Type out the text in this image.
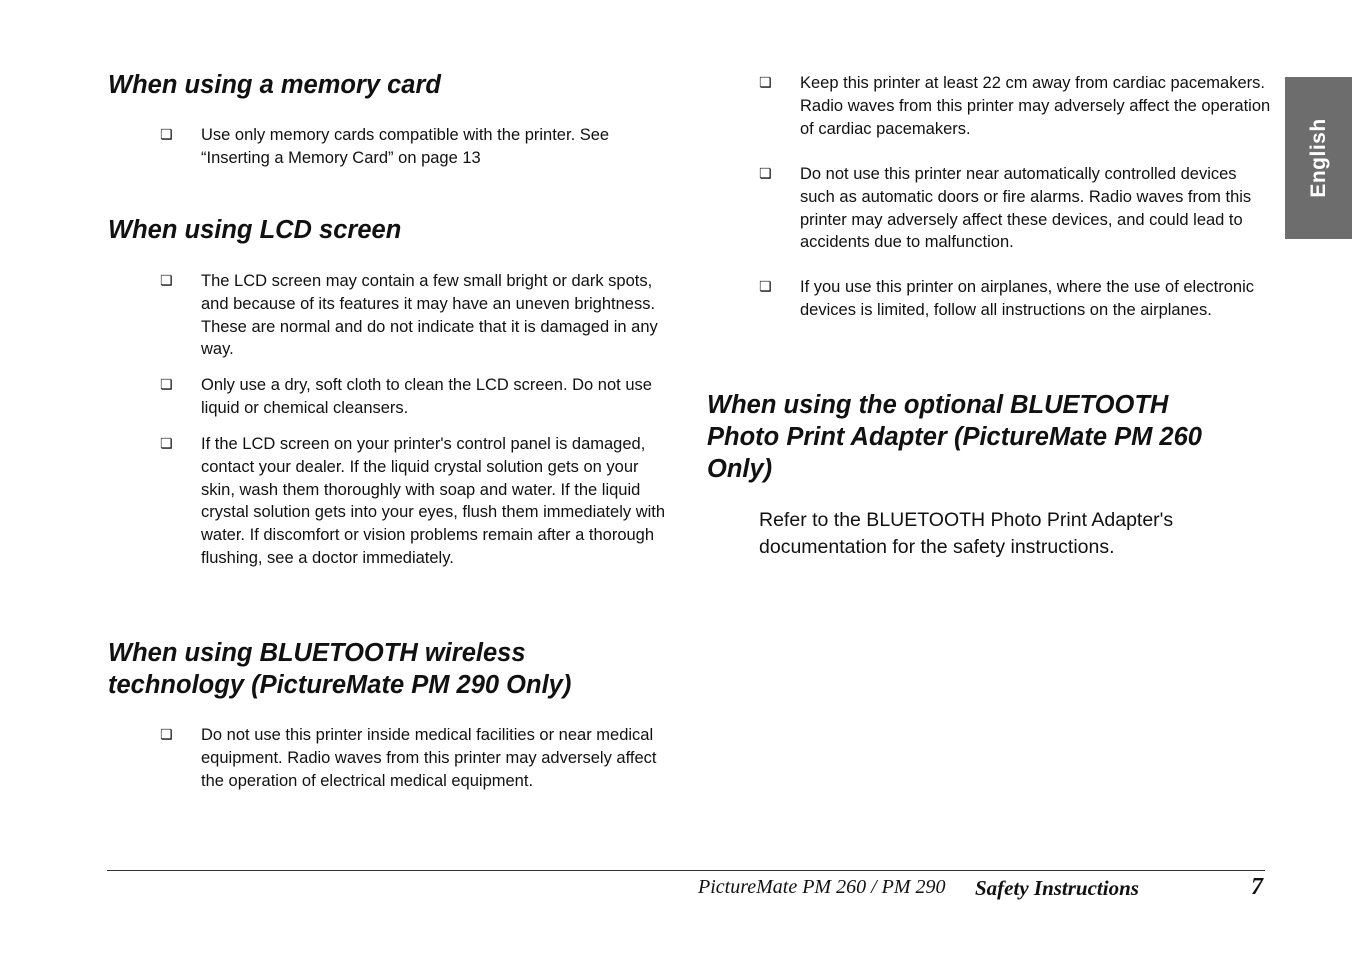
When using a memory card
❏ Use only memory cards compatible with the printer. See “Inserting a Memory Card” on page 13
When using LCD screen
❏ The LCD screen may contain a few small bright or dark spots, and because of its features it may have an uneven brightness. These are normal and do not indicate that it is damaged in any way.
❏ Only use a dry, soft cloth to clean the LCD screen. Do not use liquid or chemical cleansers.
❏ If the LCD screen on your printer's control panel is damaged, contact your dealer. If the liquid crystal solution gets on your skin, wash them thoroughly with soap and water. If the liquid crystal solution gets into your eyes, flush them immediately with water. If discomfort or vision problems remain after a thorough flushing, see a doctor immediately.
When using BLUETOOTH wireless
technology (PictureMate PM 290 Only)
❏ Do not use this printer inside medical facilities or near medical equipment. Radio waves from this printer may adversely affect the operation of electrical medical equipment.
❏ Keep this printer at least 22 cm away from cardiac pacemakers. Radio waves from this printer may adversely affect the operation of cardiac pacemakers.
❏ Do not use this printer near automatically controlled devices such as automatic doors or fire alarms. Radio waves from this printer may adversely affect these devices, and could lead to accidents due to malfunction.
❏ If you use this printer on airplanes, where the use of electronic devices is limited, follow all instructions on the airplanes.
When using the optional BLUETOOTH
Photo Print Adapter (PictureMate PM 260
Only)

Refer to the BLUETOOTH Photo Print Adapter's documentation for the safety instructions.

English
PictureMate PM 260 / PM 290 Safety Instructions	7
